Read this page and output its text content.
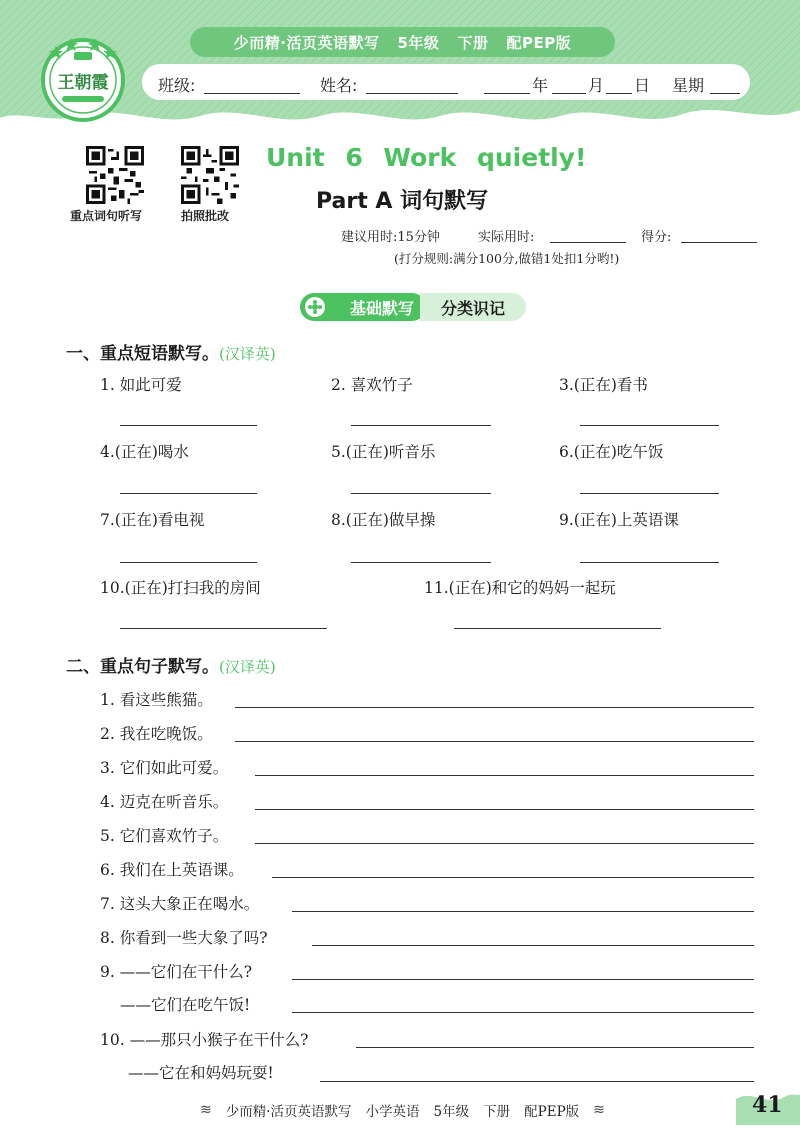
少而精·活页英语默写 5年级 下册 配PEP版
班级:	姓名:	年 月 日 星期
王朝霞
重点词句听写	拍照批改
Unit 6 Work quietly!
Part A 词句默写
建议用时:15分钟	实际用时:	得分:
(打分规则:满分100分,做错1处扣1分哟!)
基础默写	分类识记
一、重点短语默写。(汉译英)
1. 如此可爱	2. 喜欢竹子	3.(正在)看书
4.(正在)喝水	5.(正在)听音乐	6.(正在)吃午饭
7.(正在)看电视	8.(正在)做早操	9.(正在)上英语课
10.(正在)打扫我的房间	11.(正在)和它的妈妈一起玩
二、重点句子默写。(汉译英)
1. 看这些熊猫。
2. 我在吃晚饭。
3. 它们如此可爱。
4. 迈克在听音乐。
5. 它们喜欢竹子。
6. 我们在上英语课。
7. 这头大象正在喝水。
8. 你看到一些大象了吗?
9. ——它们在干什么?
——它们在吃午饭!
10. ——那只小猴子在干什么?
——它在和妈妈玩耍!
≋ 少而精·活页英语默写 小学英语 5年级 下册 配PEP版 ≋	41
